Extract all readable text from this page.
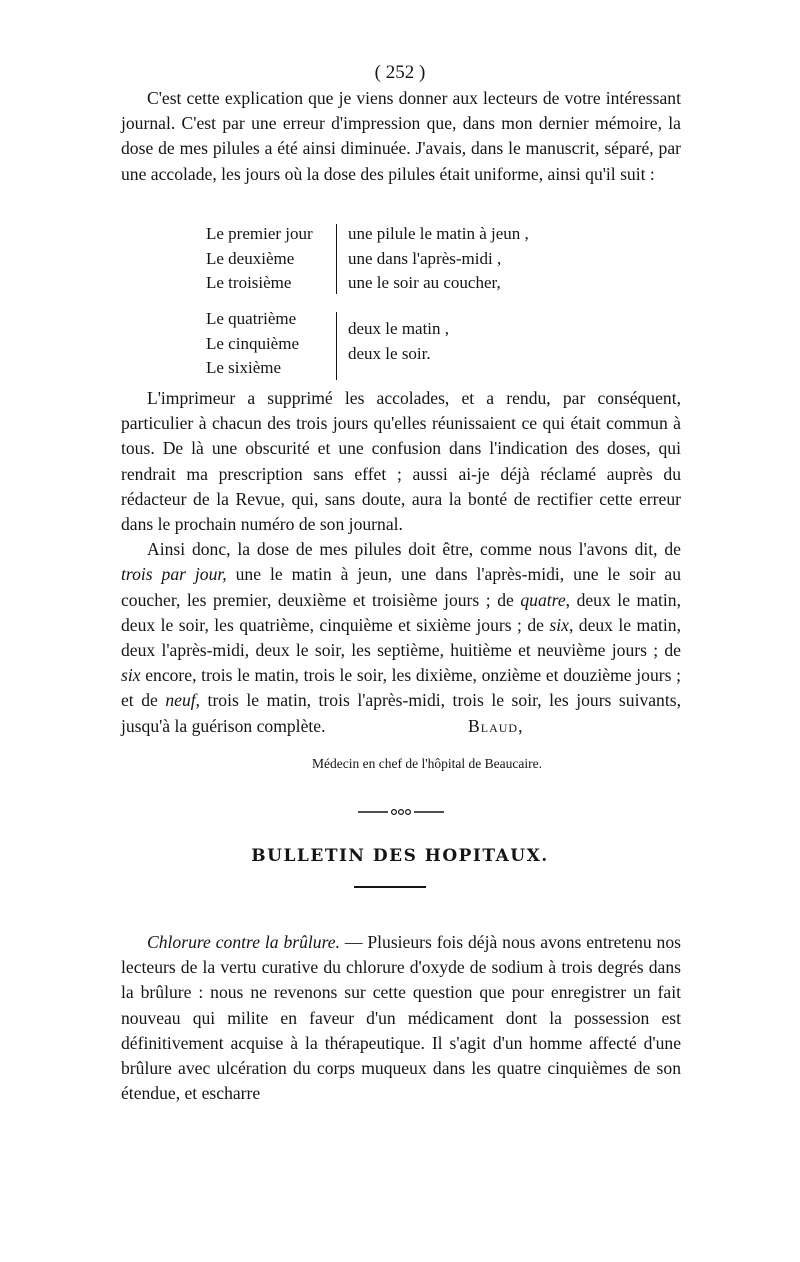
( 252 )

C'est cette explication que je viens donner aux lecteurs de votre intéressant journal. C'est par une erreur d'impression que, dans mon dernier mémoire, la dose de mes pilules a été ainsi diminuée. J'avais, dans le manuscrit, séparé, par une accolade, les jours où la dose des pilules était uniforme, ainsi qu'il suit :

Le premier jour
Le deuxième
Le troisième
une pilule le matin à jeun ,
une dans l'après-midi ,
une le soir au coucher,
Le quatrième
Le cinquième
Le sixième
deux le matin ,
deux le soir.

L'imprimeur a supprimé les accolades, et a rendu, par conséquent, particulier à chacun des trois jours qu'elles réunissaient ce qui était commun à tous. De là une obscurité et une confusion dans l'indication des doses, qui rendrait ma prescription sans effet ; aussi ai-je déjà réclamé auprès du rédacteur de la Revue, qui, sans doute, aura la bonté de rectifier cette erreur dans le prochain numéro de son journal.

Ainsi donc, la dose de mes pilules doit être, comme nous l'avons dit, de trois par jour, une le matin à jeun, une dans l'après-midi, une le soir au coucher, les premier, deuxième et troisième jours ; de quatre, deux le matin, deux le soir, les quatrième, cinquième et sixième jours ; de six, deux le matin, deux l'après-midi, deux le soir, les septième, huitième et neuvième jours ; de six encore, trois le matin, trois le soir, les dixième, onzième et douzième jours ; et de neuf, trois le matin, trois l'après-midi, trois le soir, les jours suivants, jusqu'à la guérison complète.	Blaud,
Médecin en chef de l'hôpital de Beaucaire.
BULLETIN DES HOPITAUX.

Chlorure contre la brûlure. — Plusieurs fois déjà nous avons entretenu nos lecteurs de la vertu curative du chlorure d'oxyde de sodium à trois degrés dans la brûlure : nous ne revenons sur cette question que pour enregistrer un fait nouveau qui milite en faveur d'un médicament dont la possession est définitivement acquise à la thérapeutique. Il s'agit d'un homme affecté d'une brûlure avec ulcération du corps muqueux dans les quatre cinquièmes de son étendue, et escharre
